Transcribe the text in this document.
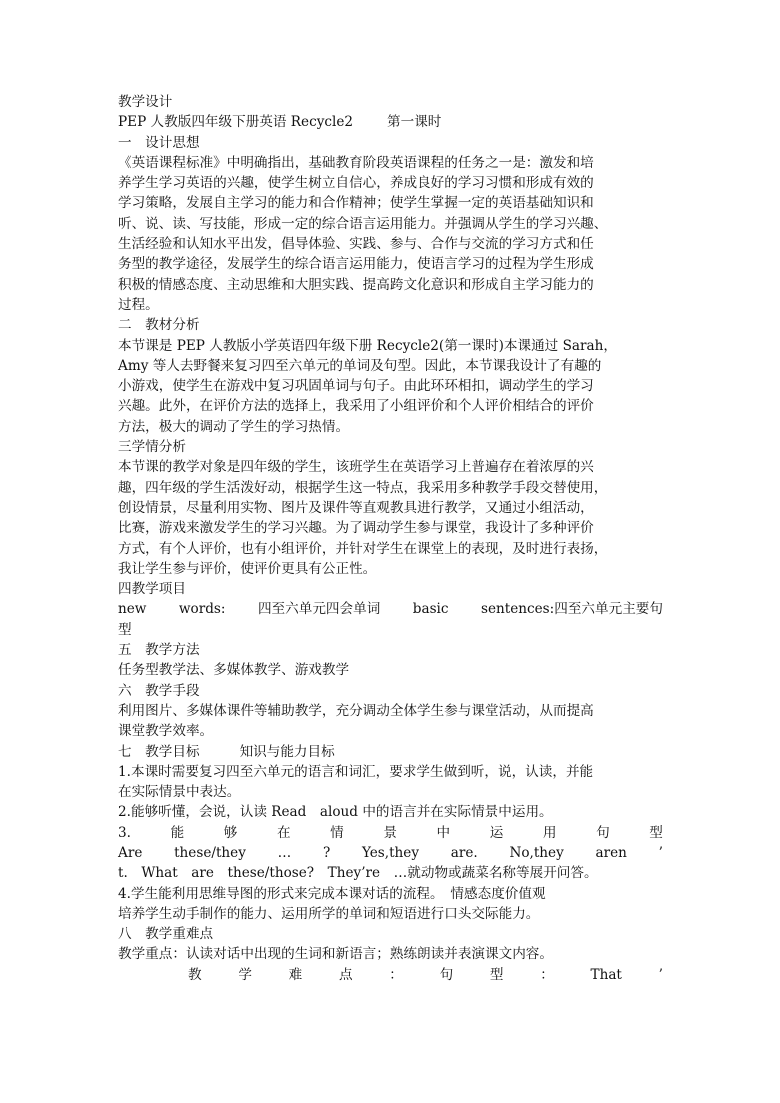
教学设计
PEP 人教版四年级下册英语 Recycle2	第一课时
一　设计思想
《英语课程标准》中明确指出，基础教育阶段英语课程的任务之一是：激发和培
养学生学习英语的兴趣，使学生树立自信心，养成良好的学习习惯和形成有效的
学习策略，发展自主学习的能力和合作精神；使学生掌握一定的英语基础知识和
听、说、读、写技能，形成一定的综合语言运用能力。并强调从学生的学习兴趣、
生活经验和认知水平出发，倡导体验、实践、参与、合作与交流的学习方式和任
务型的教学途径，发展学生的综合语言运用能力，使语言学习的过程为学生形成
积极的情感态度、主动思维和大胆实践、提高跨文化意识和形成自主学习能力的
过程。
二　教材分析
本节课是 PEP 人教版小学英语四年级下册 Recycle2(第一课时)本课通过 Sarah，
Amy 等人去野餐来复习四至六单元的单词及句型。因此，本节课我设计了有趣的
小游戏，使学生在游戏中复习巩固单词与句子。由此环环相扣，调动学生的学习
兴趣。此外，在评价方法的选择上，我采用了小组评价和个人评价相结合的评价
方法，极大的调动了学生的学习热情。
三学情分析
本节课的教学对象是四年级的学生，该班学生在英语学习上普遍存在着浓厚的兴
趣，四年级的学生活泼好动，根据学生这一特点，我采用多种教学手段交替使用，
创设情景，尽量利用实物、图片及课件等直观教具进行教学，又通过小组活动，
比赛，游戏来激发学生的学习兴趣。为了调动学生参与课堂，我设计了多种评价
方式，有个人评价，也有小组评价，并针对学生在课堂上的表现，及时进行表扬，
我让学生参与评价，使评价更具有公正性。
四教学项目
new words: 四至六单元四会单词 basic sentences:四至六单元主要句
型
五　教学方法
任务型教学法、多媒体教学、游戏教学
六　教学手段
利用图片、多媒体课件等辅助教学，充分调动全体学生参与课堂活动，从而提高
课堂教学效率。
七　教学目标	知识与能力目标
1.本课时需要复习四至六单元的语言和词汇，要求学生做到听，说，认读，并能
在实际情景中表达。
2.能够听懂，会说，认读 Read　aloud 中的语言并在实际情景中运用。
3.	能	够	在	情	景	中	运	用	句	型
Are these/they … ? Yes,they are. No,they aren ’
t.　What　are　these/those?　They’re　…就动物或蔬菜名称等展开问答。
4.学生能利用思维导图的形式来完成本课对话的流程。　情感态度价值观
培养学生动手制作的能力、运用所学的单词和短语进行口头交际能力。
八　教学重难点
教学重点：认读对话中出现的生词和新语言；熟练朗读并表演课文内容。
教	学	难	点	：	句	型	：	That	’
